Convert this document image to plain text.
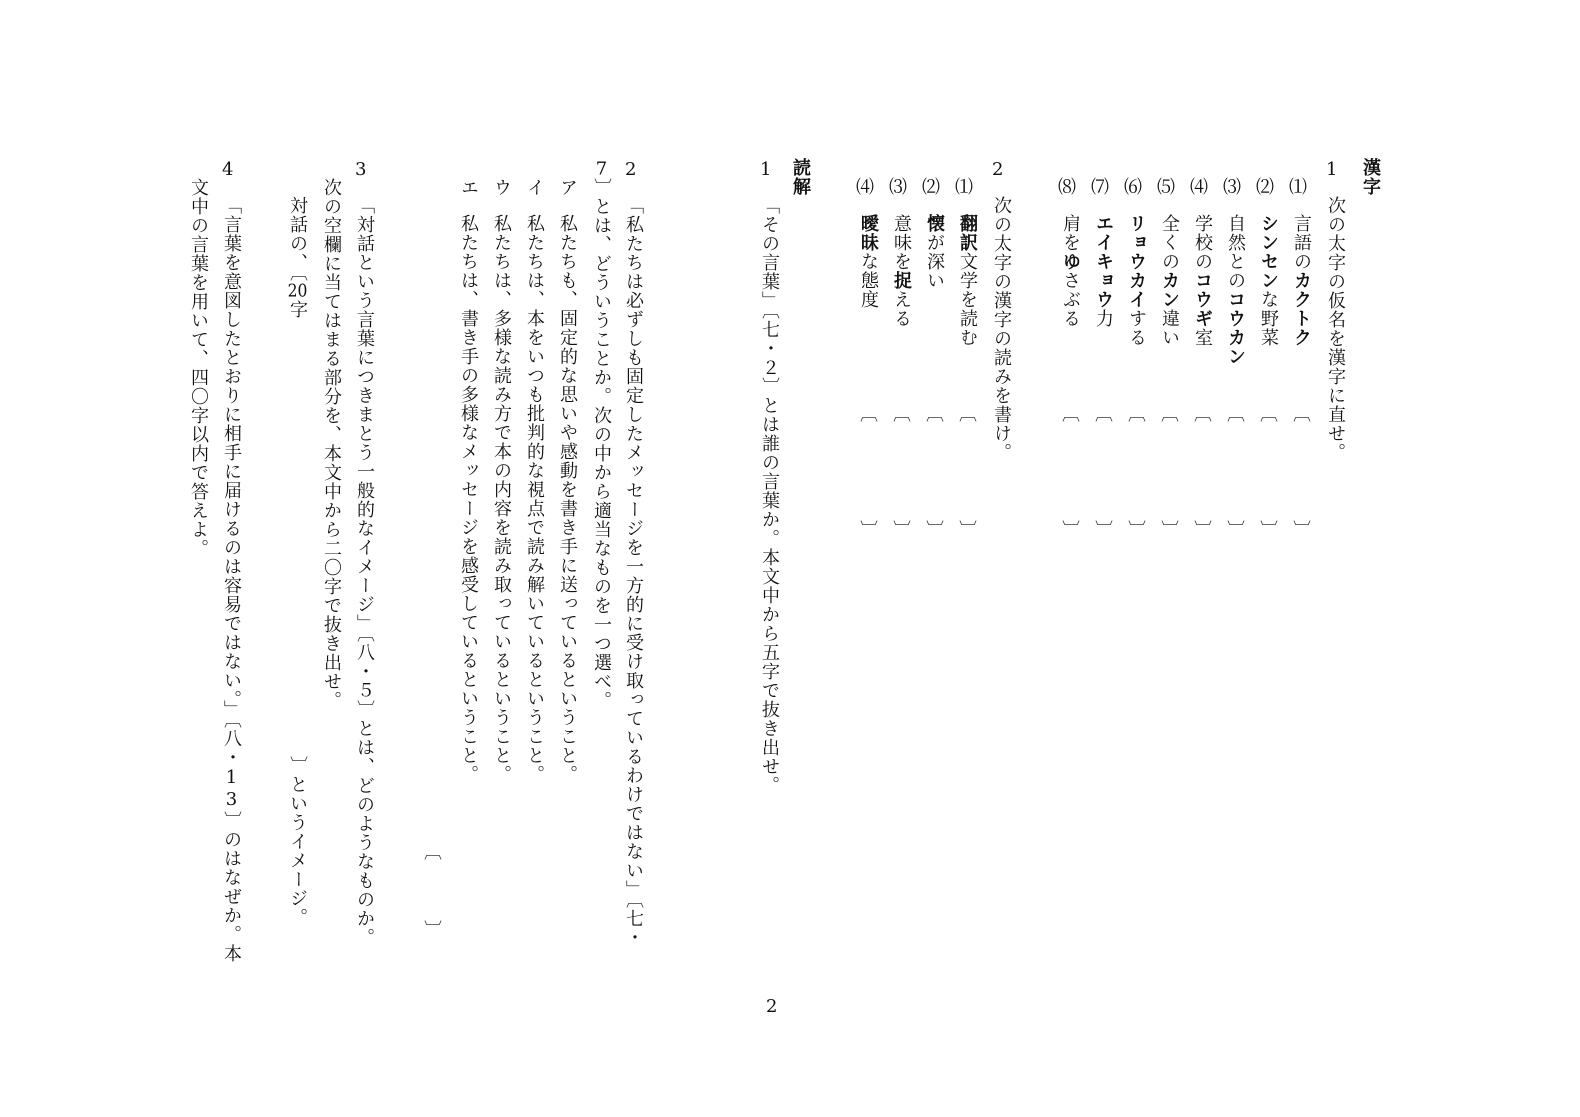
漢字
1
次の太字の仮名を漢字に直せ。
⑴
言語のカクトク
⑵
シンセンな野菜
⑶
自然とのコウカン
⑷
学校のコウギ室
⑸
全くのカン違い
⑹
リョウカイする
⑺
エイキョウ力
⑻
肩をゆさぶる
︹
︺
︹
︺
︹
︺
︹
︺
︹
︺
︹
︺
︹
︺
︹
︺
2
次の太字の漢字の読みを書け。
⑴
翻訳文学を読む
⑵
懐が深い
⑶
意味を捉える
⑷
曖昧な態度
︹
︺
︹
︺
︹
︺
︹
︺
読解
1
「その言葉」〔七・２〕とは誰の言葉か。本文中から五字で抜き出せ。
2
「私たちは必ずしも固定したメッセージを一方的に受け取っているわけではない」〔七・
7〕とは、どういうことか。次の中から適当なものを一つ選べ。
ア
私たちも、固定的な思いや感動を書き手に送っているということ。
イ
私たちは、本をいつも批判的な視点で読み解いているということ。
ウ
私たちは、多様な読み方で本の内容を読み取っているということ。
エ
私たちは、書き手の多様なメッセージを感受しているということ。
︹
︺
3
「対話という言葉につきまとう一般的なイメージ」〔八・５〕とは、どのようなものか。
次の空欄に当てはまる部分を、本文中から二〇字で抜き出せ。
対話の、〔20字
〕というイメージ。
4
「言葉を意図したとおりに相手に届けるのは容易ではない。」〔八・13〕のはなぜか。本
文中の言葉を用いて、四〇字以内で答えよ。
2
